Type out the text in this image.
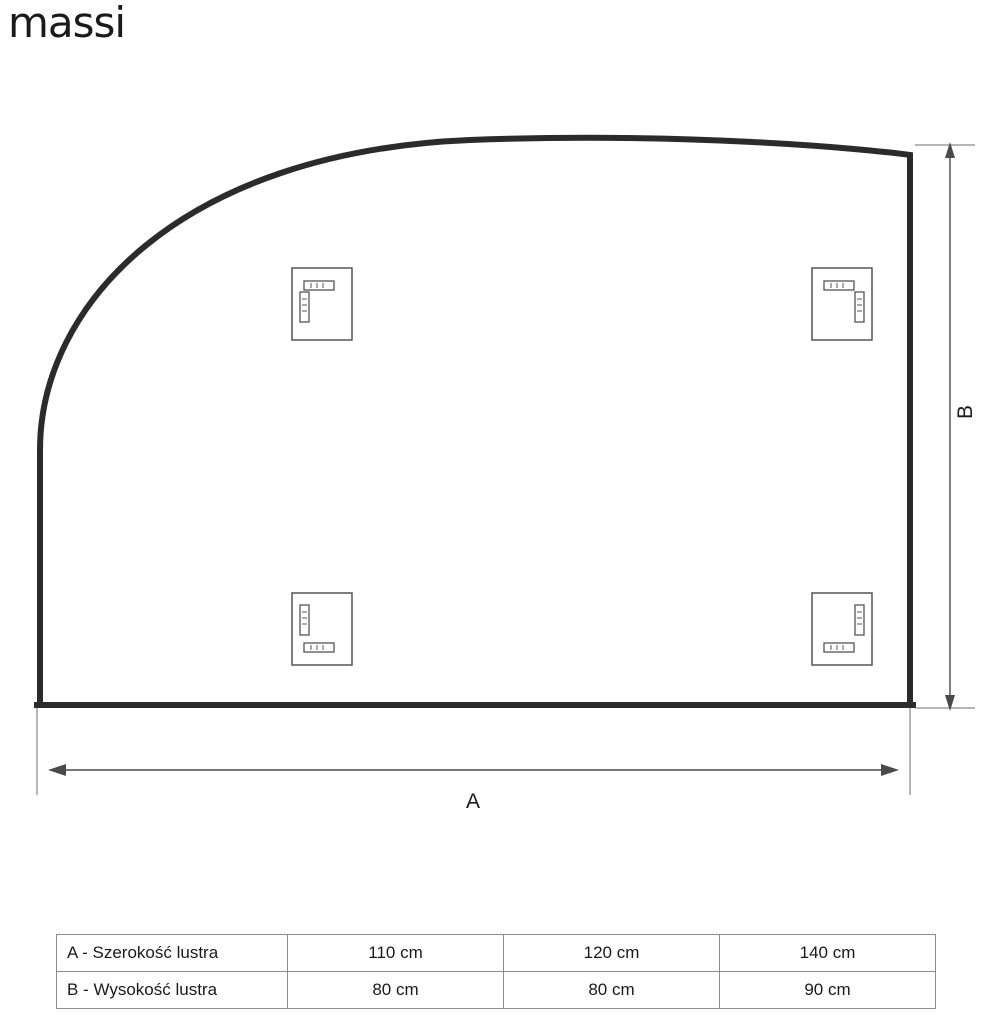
massi
B
A
A - Szerokość lustra	110 cm	120 cm	140 cm
B - Wysokość lustra	80 cm	80 cm	90 cm
